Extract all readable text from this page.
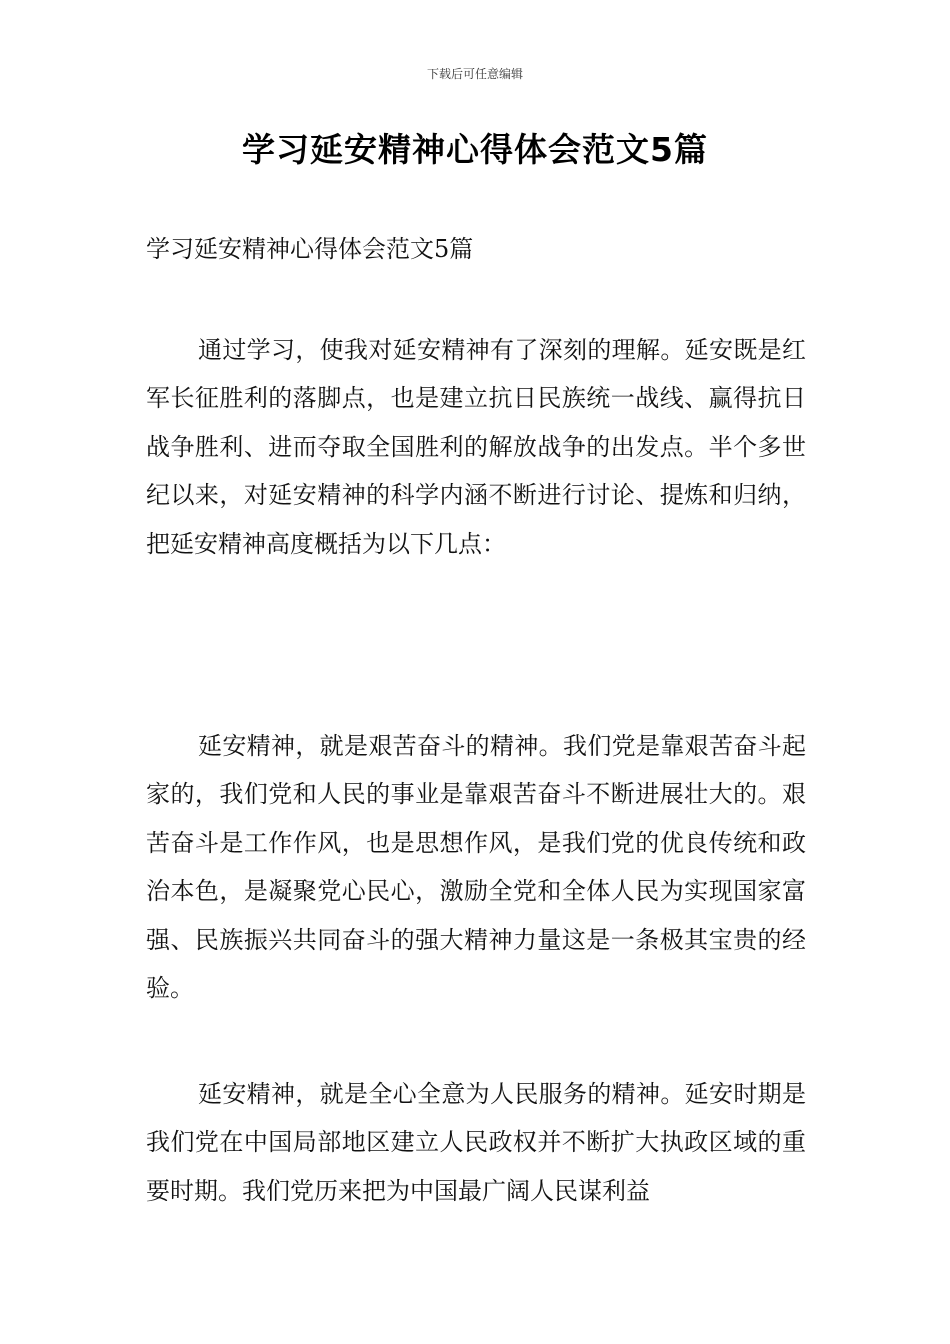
下载后可任意编辑
学习延安精神心得体会范文5篇
学习延安精神心得体会范文5篇

通过学习，使我对延安精神有了深刻的理解。延安既是红军长征胜利的落脚点，也是建立抗日民族统一战线、赢得抗日战争胜利、进而夺取全国胜利的解放战争的出发点。半个多世纪以来，对延安精神的科学内涵不断进行讨论、提炼和归纳，把延安精神高度概括为以下几点：

延安精神，就是艰苦奋斗的精神。我们党是靠艰苦奋斗起家的，我们党和人民的事业是靠艰苦奋斗不断进展壮大的。艰苦奋斗是工作作风，也是思想作风，是我们党的优良传统和政治本色，是凝聚党心民心，激励全党和全体人民为实现国家富强、民族振兴共同奋斗的强大精神力量这是一条极其宝贵的经验。

延安精神，就是全心全意为人民服务的精神。延安时期是我们党在中国局部地区建立人民政权并不断扩大执政区域的重要时期。我们党历来把为中国最广阔人民谋利益
